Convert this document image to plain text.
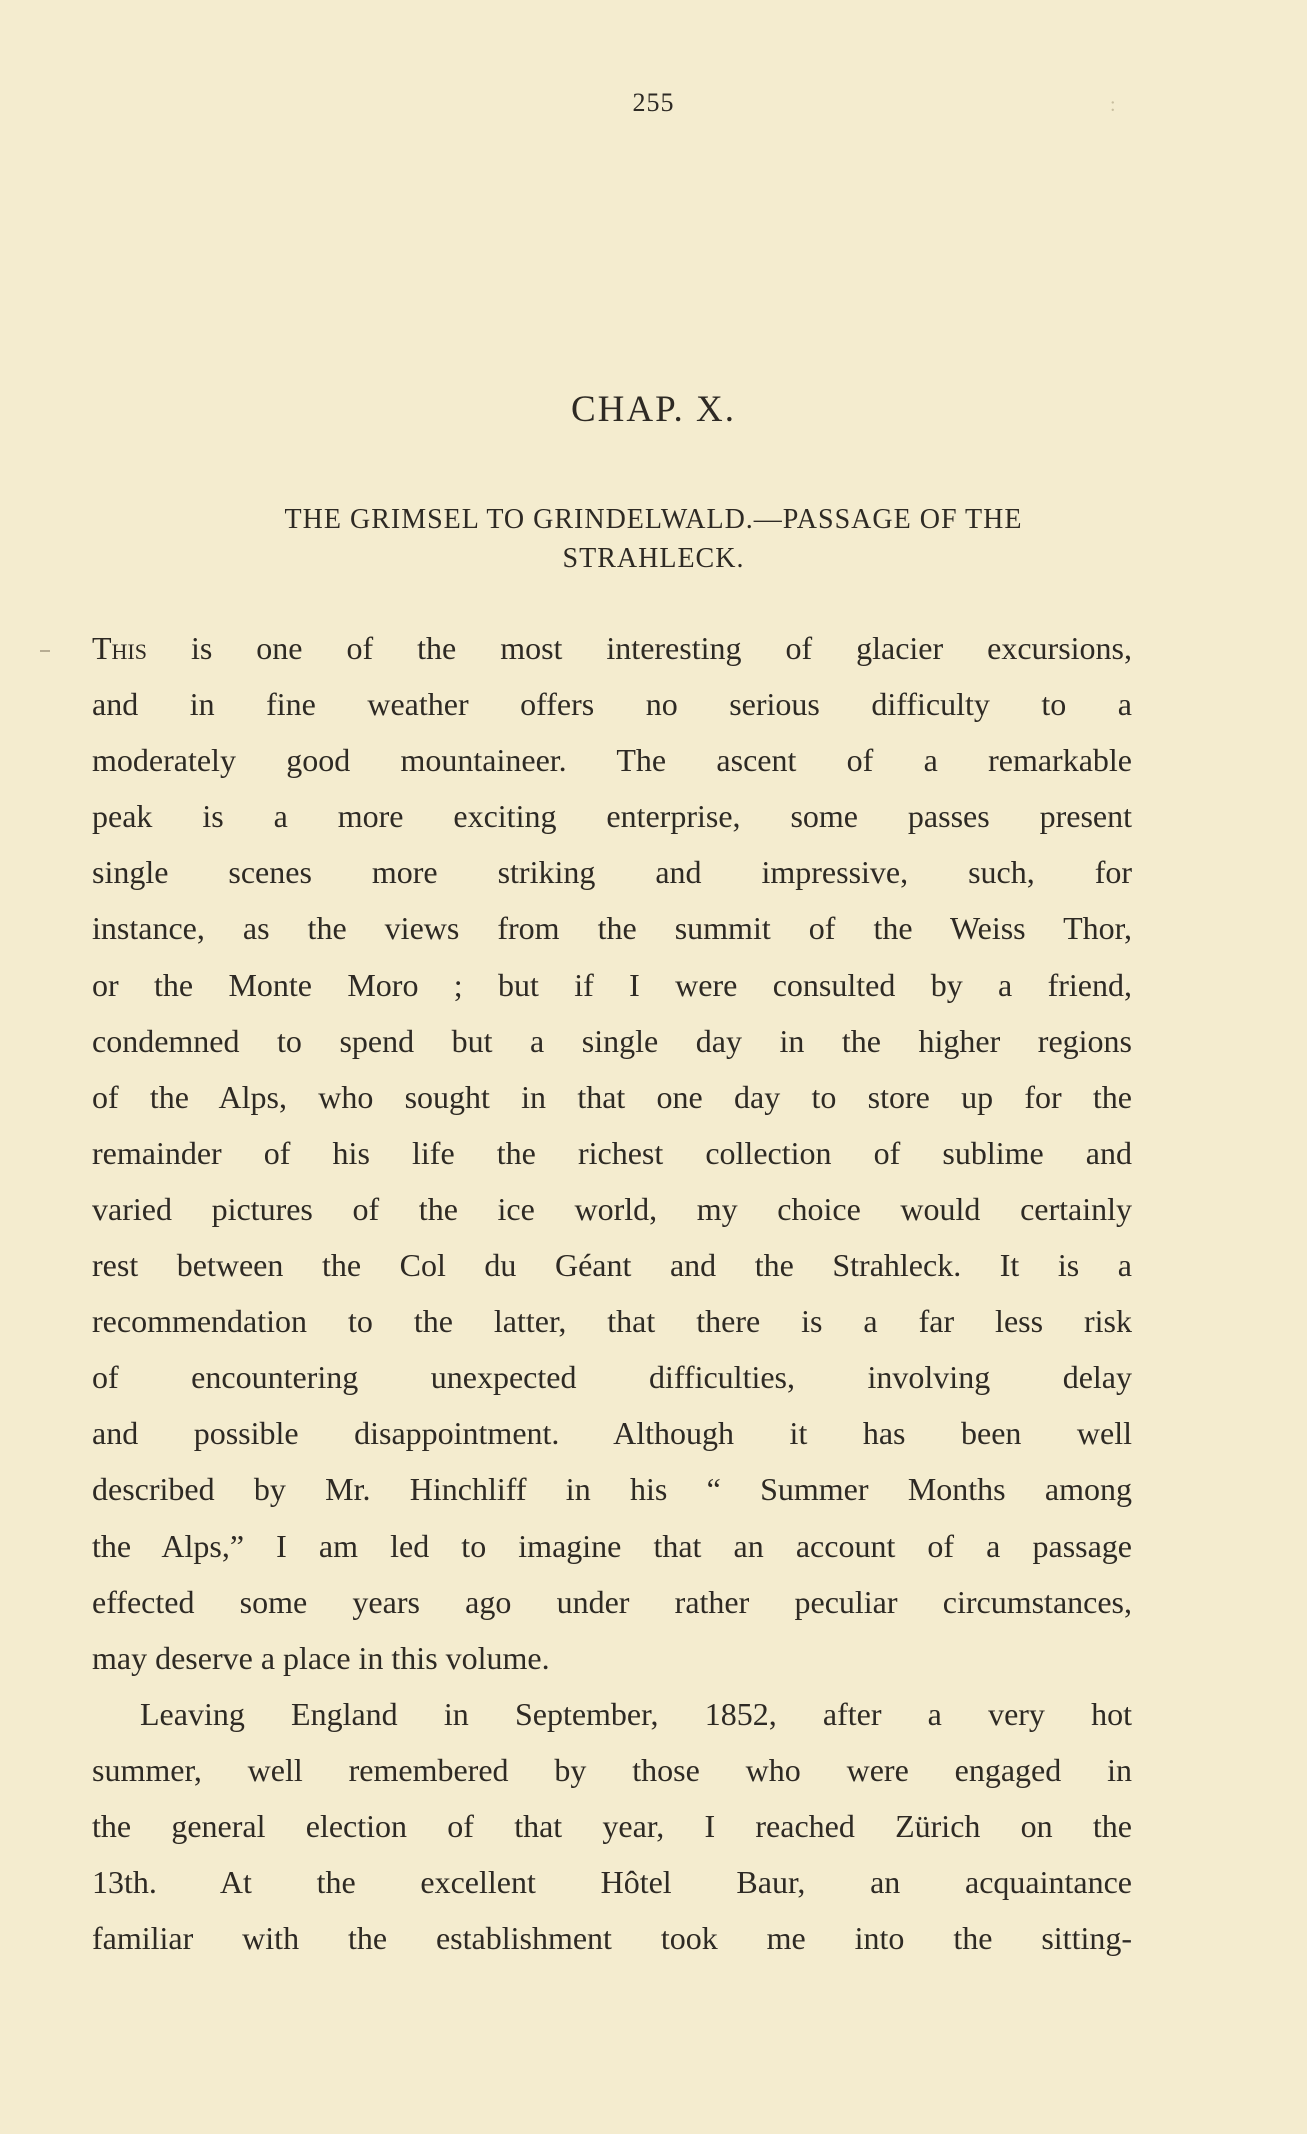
:
255
CHAP. X.
THE GRIMSEL TO GRINDELWALD.—PASSAGE OF THE
STRAHLECK.
This is one of the most interesting of glacier excursions,
and in fine weather offers no serious difficulty to a
moderately good mountaineer. The ascent of a remarkable
peak is a more exciting enterprise, some passes present
single scenes more striking and impressive, such, for
instance, as the views from the summit of the Weiss Thor,
or the Monte Moro ; but if I were consulted by a friend,
condemned to spend but a single day in the higher regions
of the Alps, who sought in that one day to store up for the
remainder of his life the richest collection of sublime and
varied pictures of the ice world, my choice would certainly
rest between the Col du Géant and the Strahleck. It is a
recommendation to the latter, that there is a far less risk
of encountering unexpected difficulties, involving delay
and possible disappointment. Although it has been well
described by Mr. Hinchliff in his “ Summer Months among
the Alps,” I am led to imagine that an account of a passage
effected some years ago under rather peculiar circumstances,
may deserve a place in this volume.
Leaving England in September, 1852, after a very hot
summer, well remembered by those who were engaged in
the general election of that year, I reached Zürich on the
13th. At the excellent Hôtel Baur, an acquaintance
familiar with the establishment took me into the sitting-
